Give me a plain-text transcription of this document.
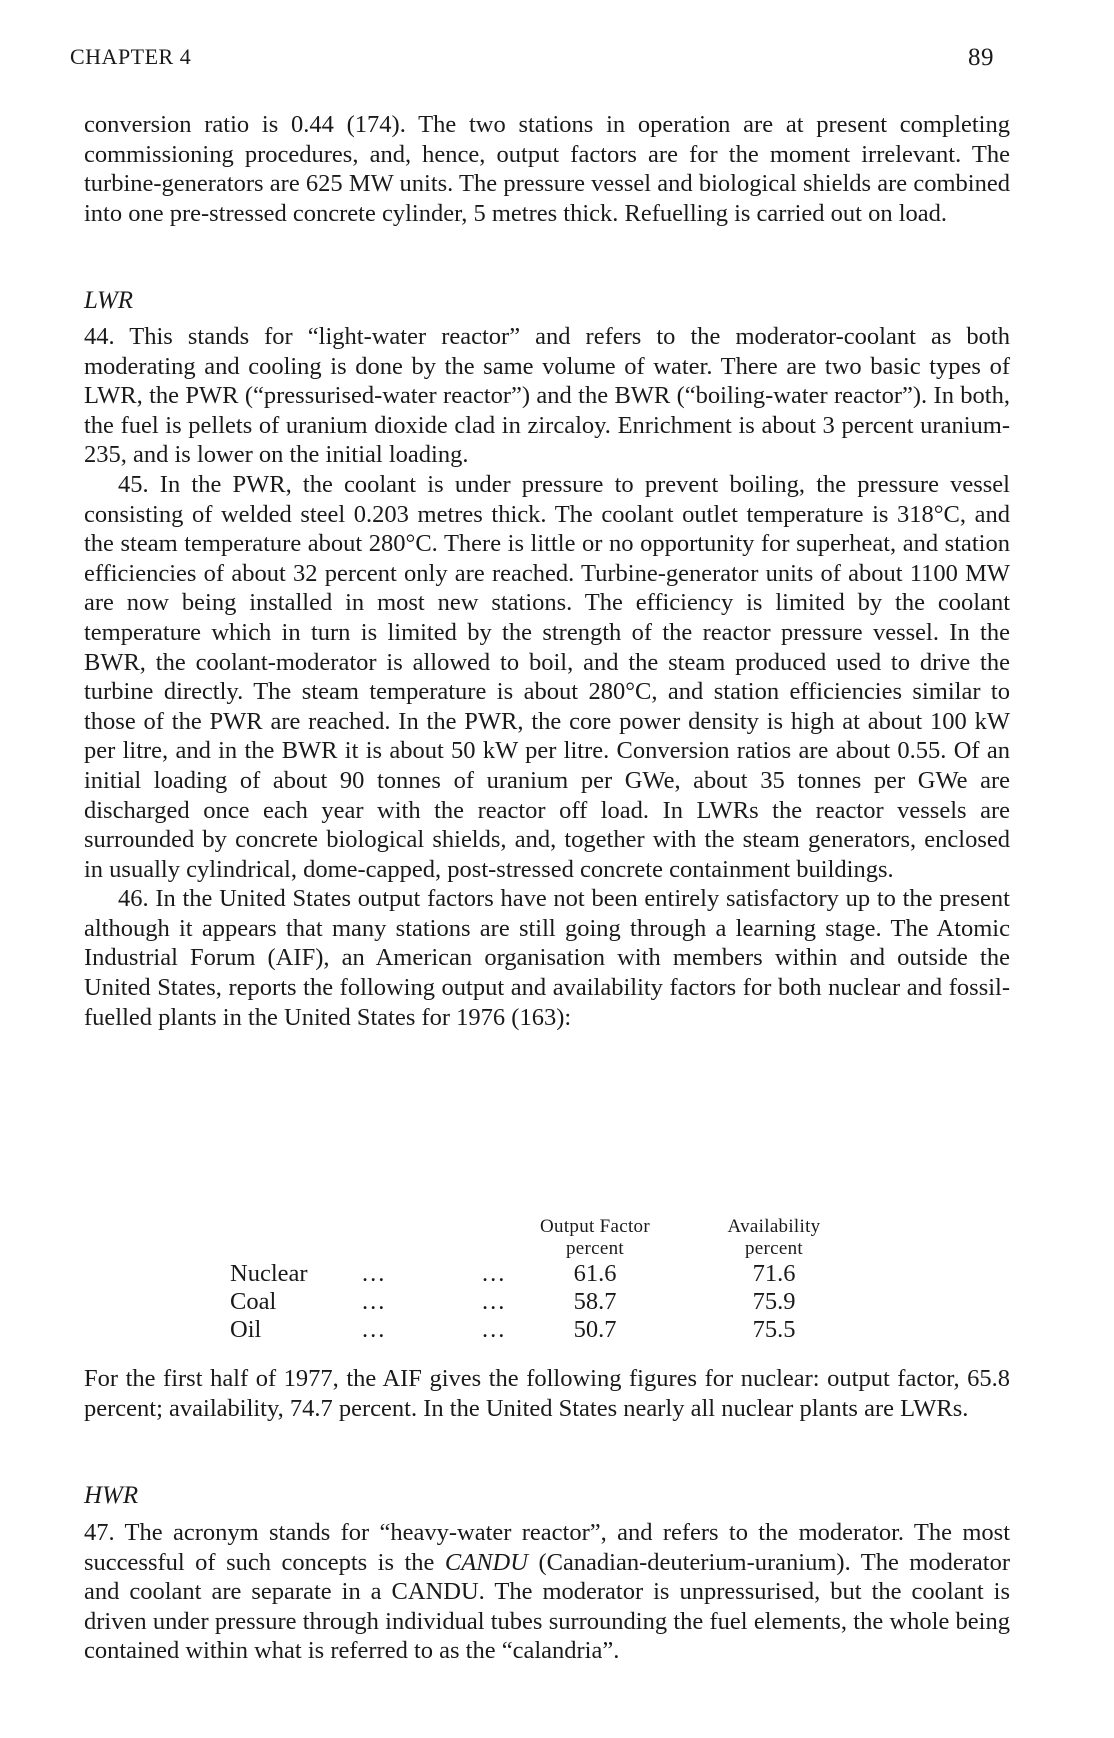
CHAPTER 4	89

conversion ratio is 0.44 (174). The two stations in operation are at present completing commissioning procedures, and, hence, output factors are for the moment irrelevant. The turbine-generators are 625 MW units. The pressure vessel and biological shields are combined into one pre-stressed concrete cylinder, 5 metres thick. Refuelling is carried out on load.

LWR

44. This stands for “light-water reactor” and refers to the moderator-coolant as both moderating and cooling is done by the same volume of water. There are two basic types of LWR, the PWR (“pressurised-water reactor”) and the BWR (“boiling-water reactor”). In both, the fuel is pellets of uranium dioxide clad in zircaloy. Enrichment is about 3 percent uranium-235, and is lower on the initial loading.

45. In the PWR, the coolant is under pressure to prevent boiling, the pressure vessel consisting of welded steel 0.203 metres thick. The coolant outlet temperature is 318°C, and the steam temperature about 280°C. There is little or no opportunity for superheat, and station efficiencies of about 32 percent only are reached. Turbine-generator units of about 1100 MW are now being installed in most new stations. The efficiency is limited by the coolant temperature which in turn is limited by the strength of the reactor pressure vessel. In the BWR, the coolant-moderator is allowed to boil, and the steam produced used to drive the turbine directly. The steam temperature is about 280°C, and station efficiencies similar to those of the PWR are reached. In the PWR, the core power density is high at about 100 kW per litre, and in the BWR it is about 50 kW per litre. Conversion ratios are about 0.55. Of an initial loading of about 90 tonnes of uranium per GWe, about 35 tonnes per GWe are discharged once each year with the reactor off load. In LWRs the reactor vessels are surrounded by concrete biological shields, and, together with the steam generators, enclosed in usually cylindrical, dome-capped, post-stressed concrete containment buildings.

46. In the United States output factors have not been entirely satisfactory up to the present although it appears that many stations are still going through a learning stage. The Atomic Industrial Forum (AIF), an American organisation with members within and outside the United States, reports the following output and availability factors for both nuclear and fossil-fuelled plants in the United States for 1976 (163):

Output Factor
percent
Availability
percent
Nuclear ...	...	61.6	71.6
Coal	...	...	58.7	75.9
Oil	...	...	50.7	75.5

For the first half of 1977, the AIF gives the following figures for nuclear: output factor, 65.8 percent; availability, 74.7 percent. In the United States nearly all nuclear plants are LWRs.

HWR

47. The acronym stands for “heavy-water reactor”, and refers to the moderator. The most successful of such concepts is the CANDU (Canadian-deuterium-uranium). The moderator and coolant are separate in a CANDU. The moderator is unpressurised, but the coolant is driven under pressure through individual tubes surrounding the fuel elements, the whole being contained within what is referred to as the “calandria”.
